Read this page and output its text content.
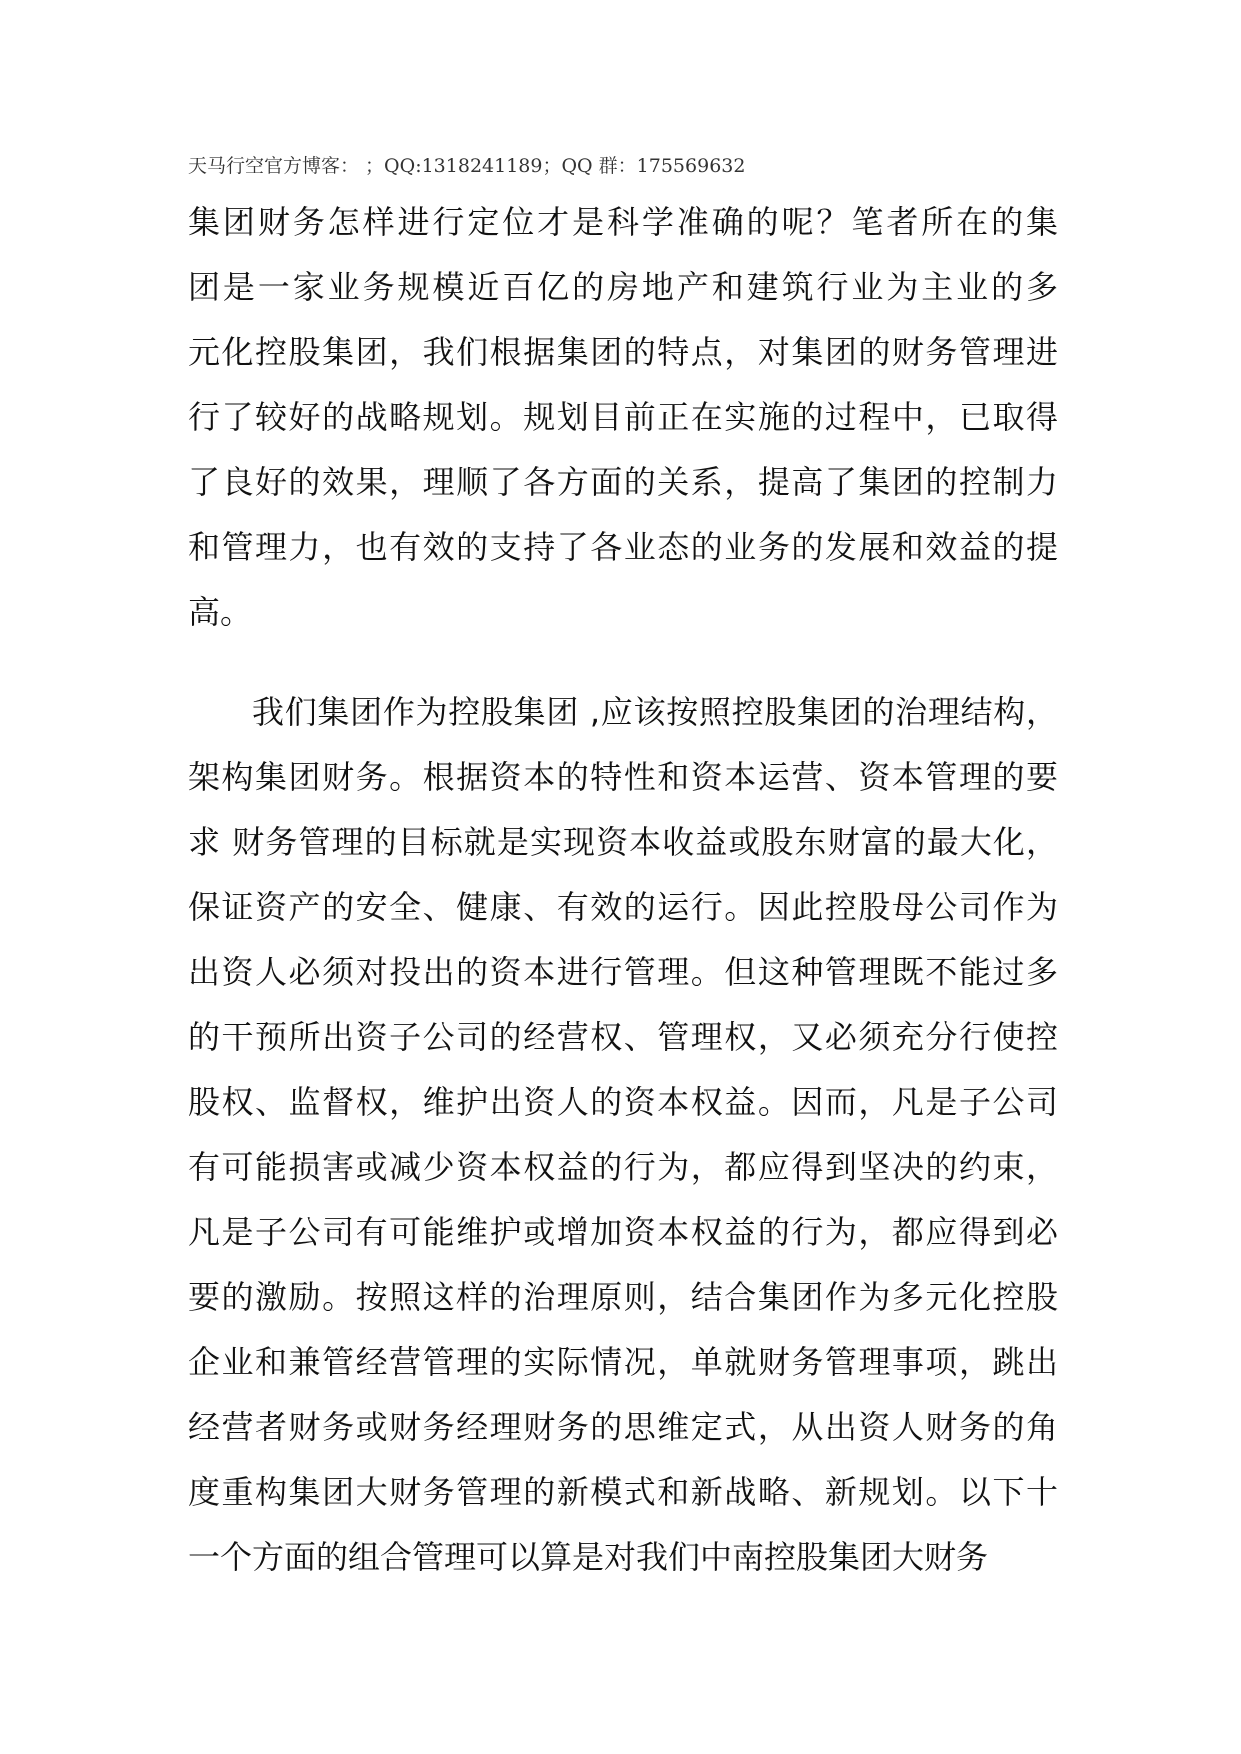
天马行空官方博客： ；QQ:1318241189；QQ 群：175569632
集团财务怎样进行定位才是科学准确的呢？笔者所在的集
团是一家业务规模近百亿的房地产和建筑行业为主业的多
元化控股集团，我们根据集团的特点，对集团的财务管理进
行了较好的战略规划。规划目前正在实施的过程中，已取得
了良好的效果，理顺了各方面的关系，提高了集团的控制力
和管理力，也有效的支持了各业态的业务的发展和效益的提
高。
我们集团作为控股集团 ,应该按照控股集团的治理结构，
架构集团财务。根据资本的特性和资本运营、资本管理的要
求 财务管理的目标就是实现资本收益或股东财富的最大化，
保证资产的安全、健康、有效的运行。因此控股母公司作为
出资人必须对投出的资本进行管理。但这种管理既不能过多
的干预所出资子公司的经营权、管理权，又必须充分行使控
股权、监督权，维护出资人的资本权益。因而，凡是子公司
有可能损害或减少资本权益的行为，都应得到坚决的约束，
凡是子公司有可能维护或增加资本权益的行为，都应得到必
要的激励。按照这样的治理原则，结合集团作为多元化控股
企业和兼管经营管理的实际情况，单就财务管理事项，跳出
经营者财务或财务经理财务的思维定式，从出资人财务的角
度重构集团大财务管理的新模式和新战略、新规划。以下十
一个方面的组合管理可以算是对我们中南控股集团大财务
